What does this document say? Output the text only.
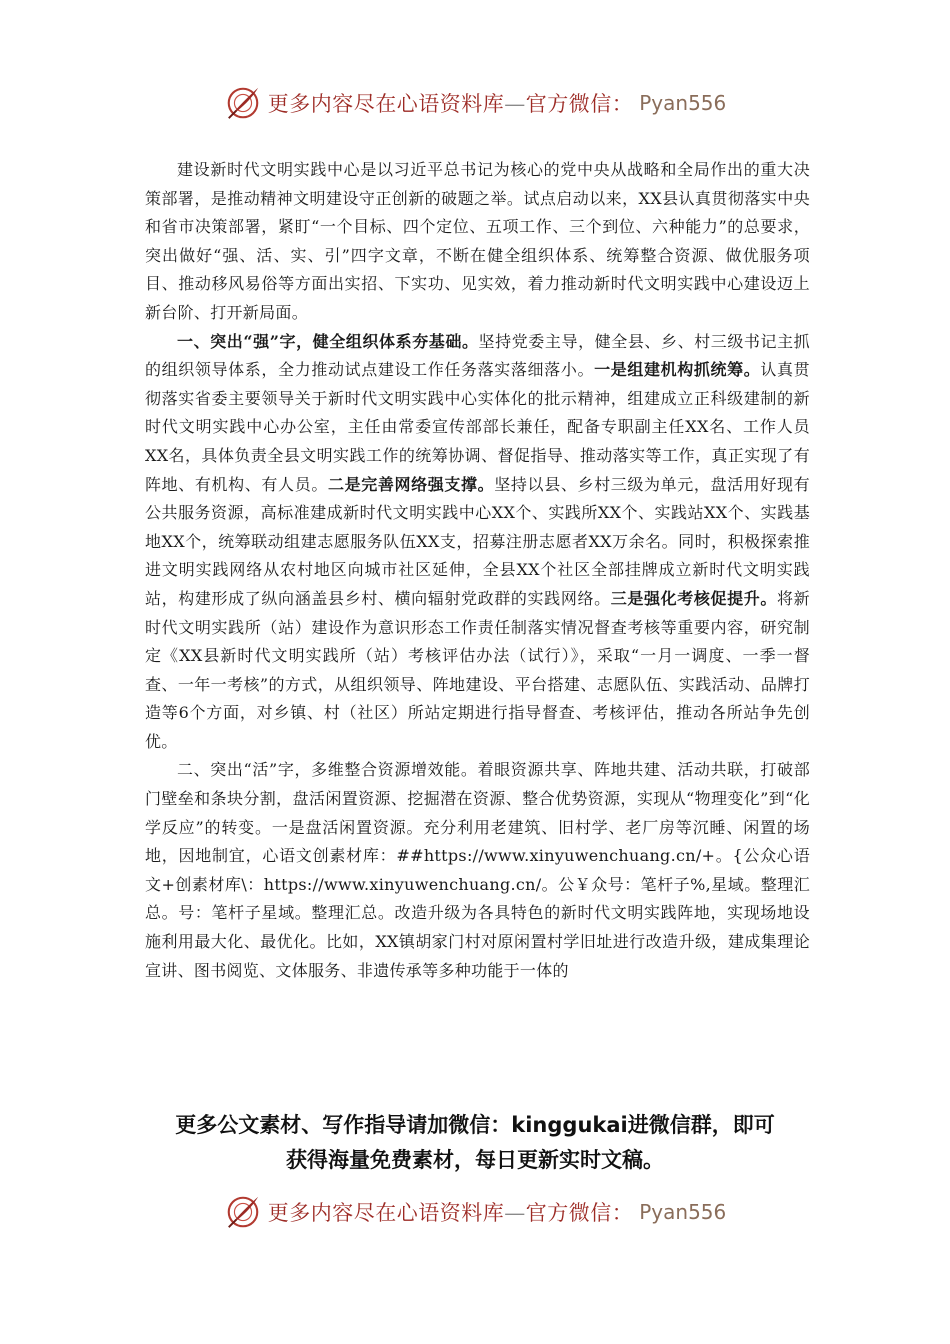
更多内容尽在心语资料库—官方微信： Pyan556

建设新时代文明实践中心是以习近平总书记为核心的党中央从战略和全局作出的重大决策部署，是推动精神文明建设守正创新的破题之举。试点启动以来，XX县认真贯彻落实中央和省市决策部署，紧盯“一个目标、四个定位、五项工作、三个到位、六种能力”的总要求，突出做好“强、活、实、引”四字文章，不断在健全组织体系、统筹整合资源、做优服务项目、推动移风易俗等方面出实招、下实功、见实效，着力推动新时代文明实践中心建设迈上新台阶、打开新局面。

一、突出“强”字，健全组织体系夯基础。坚持党委主导，健全县、乡、村三级书记主抓的组织领导体系，全力推动试点建设工作任务落实落细落小。一是组建机构抓统筹。认真贯彻落实省委主要领导关于新时代文明实践中心实体化的批示精神，组建成立正科级建制的新时代文明实践中心办公室，主任由常委宣传部部长兼任，配备专职副主任XX名、工作人员XX名，具体负责全县文明实践工作的统筹协调、督促指导、推动落实等工作，真正实现了有阵地、有机构、有人员。二是完善网络强支撑。坚持以县、乡村三级为单元，盘活用好现有公共服务资源，高标准建成新时代文明实践中心XX个、实践所XX个、实践站XX个、实践基地XX个，统筹联动组建志愿服务队伍XX支，招募注册志愿者XX万余名。同时，积极探索推进文明实践网络从农村地区向城市社区延伸，全县XX个社区全部挂牌成立新时代文明实践站，构建形成了纵向涵盖县乡村、横向辐射党政群的实践网络。三是强化考核促提升。将新时代文明实践所（站）建设作为意识形态工作责任制落实情况督查考核等重要内容，研究制定《XX县新时代文明实践所（站）考核评估办法（试行）》，采取“一月一调度、一季一督查、一年一考核”的方式，从组织领导、阵地建设、平台搭建、志愿队伍、实践活动、品牌打造等6个方面，对乡镇、村（社区）所站定期进行指导督查、考核评估，推动各所站争先创优。

二、突出“活”字，多维整合资源增效能。着眼资源共享、阵地共建、活动共联，打破部门壁垒和条块分割，盘活闲置资源、挖掘潜在资源、整合优势资源，实现从“物理变化”到“化学反应”的转变。一是盘活闲置资源。充分利用老建筑、旧村学、老厂房等沉睡、闲置的场地，因地制宜，心语文创素材库：##https://www.xinyuwenchuang.cn/+。{公众心语文+创素材库\：https://www.xinyuwenchuang.cn/。公￥众号：笔杆子%,星域。整理汇总。号：笔杆子星域。整理汇总。改造升级为各具特色的新时代文明实践阵地，实现场地设施利用最大化、最优化。比如，XX镇胡家门村对原闲置村学旧址进行改造升级，建成集理论宣讲、图书阅览、文体服务、非遗传承等多种功能于一体的

更多公文素材、写作指导请加微信：kinggukai进微信群，即可
获得海量免费素材，每日更新实时文稿。
更多内容尽在心语资料库—官方微信： Pyan556
